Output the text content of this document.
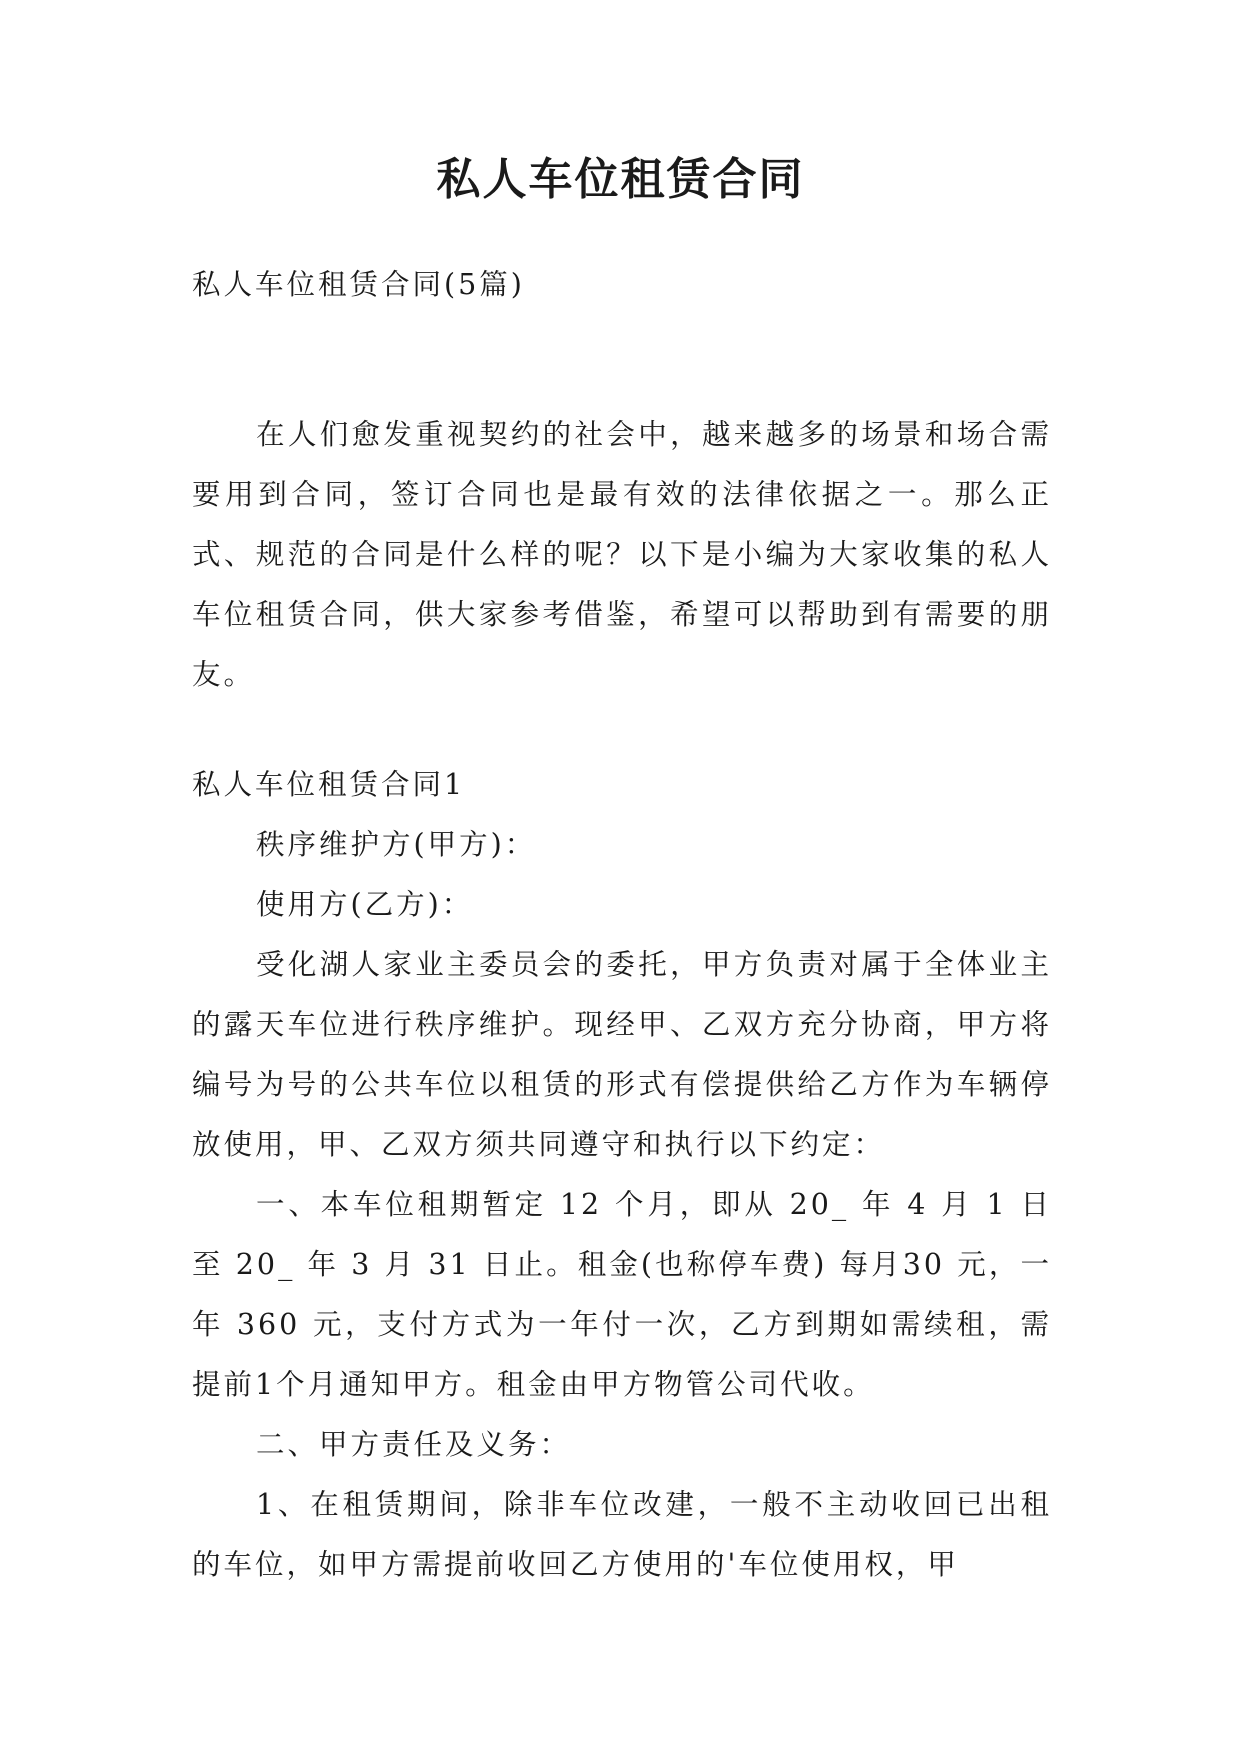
私人车位租赁合同

私人车位租赁合同(5篇)

在人们愈发重视契约的社会中，越来越多的场景和场合需要用到合同，签订合同也是最有效的法律依据之一。那么正式、规范的合同是什么样的呢？以下是小编为大家收集的私人车位租赁合同，供大家参考借鉴，希望可以帮助到有需要的朋友。

私人车位租赁合同1

秩序维护方(甲方)：

使用方(乙方)：

受化湖人家业主委员会的委托，甲方负责对属于全体业主的露天车位进行秩序维护。现经甲、乙双方充分协商，甲方将编号为号的公共车位以租赁的形式有偿提供给乙方作为车辆停放使用，甲、乙双方须共同遵守和执行以下约定：

一、本车位租期暂定 12 个月，即从 20_ 年 4 月 1 日至 20_ 年 3 月 31 日止。租金(也称停车费) 每月30 元，一年 360 元，支付方式为一年付一次，乙方到期如需续租，需提前1个月通知甲方。租金由甲方物管公司代收。

二、甲方责任及义务：

1、在租赁期间，除非车位改建，一般不主动收回已出租的车位，如甲方需提前收回乙方使用的'车位使用权，甲
